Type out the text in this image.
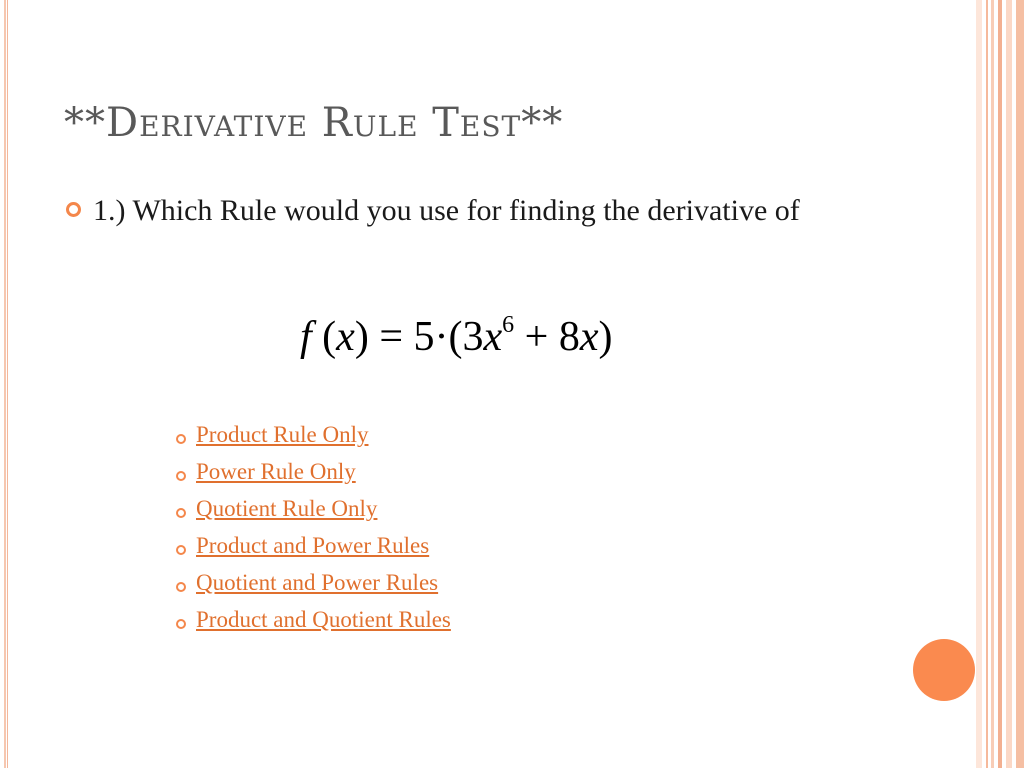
**Derivative Rule Test**
1.) Which Rule would you use for finding the derivative of
f $(x) = 5\cdot(3x^6 + 8x)$
Product Rule Only
Power Rule Only
Quotient Rule Only
Product and Power Rules
Quotient and Power Rules
Product and Quotient Rules
